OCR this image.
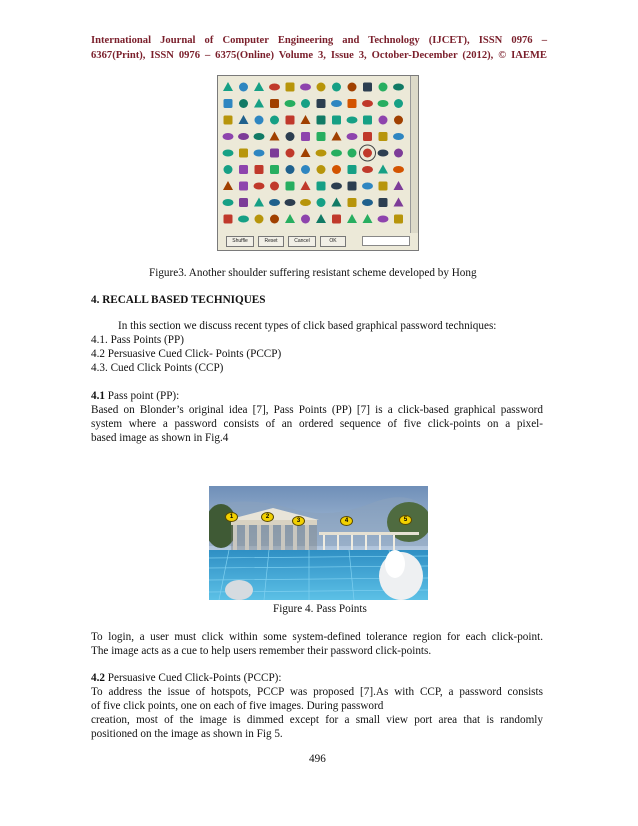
International Journal of Computer Engineering and Technology (IJCET), ISSN 0976 –
6367(Print), ISSN 0976 – 6375(Online) Volume 3, Issue 3, October-December (2012), © IAEME
Shuffle	Reset	Cancel	OK
Figure3. Another shoulder suffering resistant scheme developed by Hong
4. RECALL BASED TECHNIQUES
In this section we discuss recent types of click based graphical password techniques:
4.1. Pass Points (PP)
4.2 Persuasive Cued Click- Points (PCCP)
4.3. Cued Click Points (CCP)
4.1 Pass point (PP):
Based on Blonder’s original idea [7], Pass Points (PP) [7] is a click-based graphical password
system where a password consists of an ordered sequence of five click-points on a pixel-
based image as shown in Fig.4
1	2
3	4	5
Figure 4. Pass Points
To login, a user must click within some system-defined tolerance region for each click-point.
The image acts as a cue to help users remember their password click-points.
4.2 Persuasive Cued Click-Points (PCCP):
To address the issue of hotspots, PCCP was proposed [7].As with CCP, a password consists
of five click points, one on each of five images. During password
creation, most of the image is dimmed except for a small view port area that is randomly
positioned on the image as shown in Fig 5.
496
